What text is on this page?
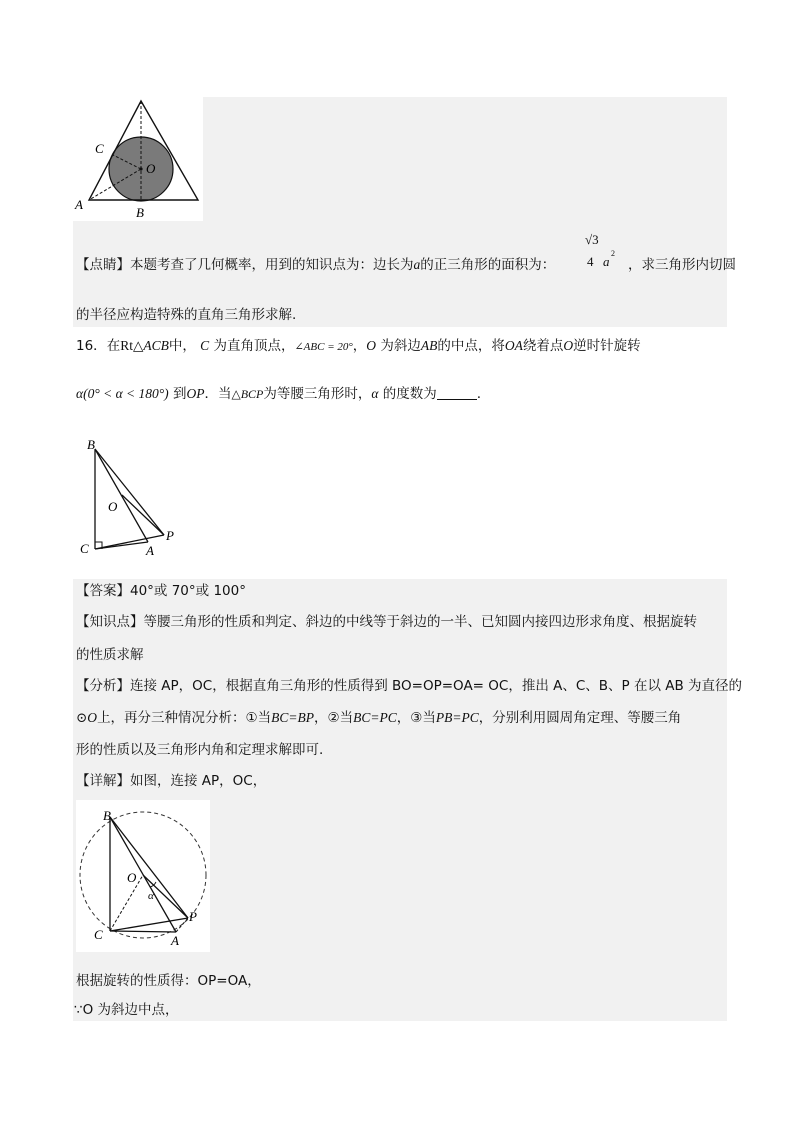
C
O
A
B
【点睛】本题考查了几何概率，用到的知识点为：边长为a的正三角形的面积为：
√3
4 a
2
，求三角形内切圆
的半径应构造特殊的直角三角形求解.
16．在Rt△ACB中， C 为直角顶点，∠ABC = 20°，O 为斜边AB的中点，将OA绕着点O逆时针旋转
α(0° < α < 180°) 到OP．当△BCP为等腰三角形时，α 的度数为	.
B
O
P
C	A
【答案】40°或 70°或 100°
【知识点】等腰三角形的性质和判定、斜边的中线等于斜边的一半、已知圆内接四边形求角度、根据旋转
的性质求解
【分析】连接 AP，OC，根据直角三角形的性质得到 BO=OP=OA= OC，推出 A、C、B、P 在以 AB 为直径的
⊙O上，再分三种情况分析：①当BC=BP，②当BC=PC，③当PB=PC，分别利用圆周角定理、等腰三角
形的性质以及三角形内角和定理求解即可.
【详解】如图，连接 AP，OC，
B
O
α
P
C	A
根据旋转的性质得：OP=OA，
∵O 为斜边中点，
